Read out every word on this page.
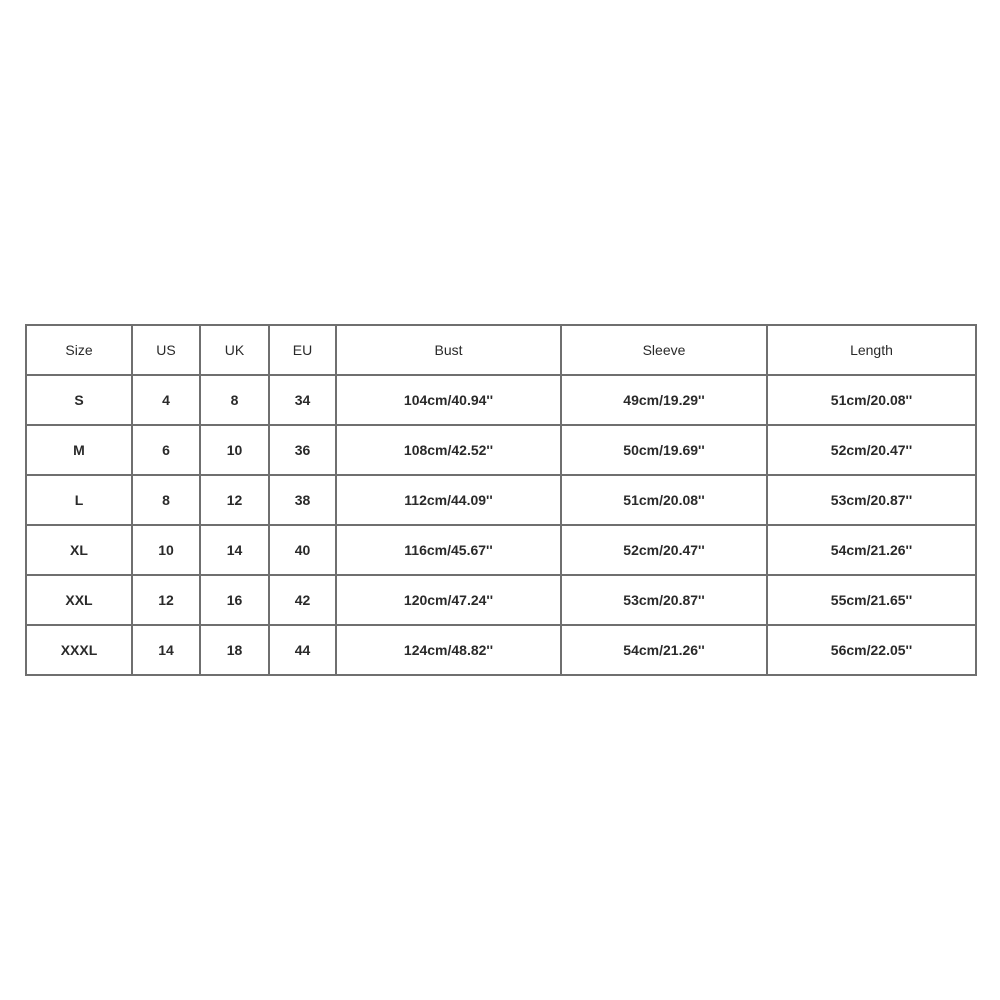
Size	US	UK	EU	Bust	Sleeve	Length
S	4	8	34	104cm/40.94''	49cm/19.29''	51cm/20.08''
M	6	10	36	108cm/42.52''	50cm/19.69''	52cm/20.47''
L	8	12	38	112cm/44.09''	51cm/20.08''	53cm/20.87''
XL	10	14	40	116cm/45.67''	52cm/20.47''	54cm/21.26''
XXL	12	16	42	120cm/47.24''	53cm/20.87''	55cm/21.65''
XXXL	14	18	44	124cm/48.82''	54cm/21.26''	56cm/22.05''
